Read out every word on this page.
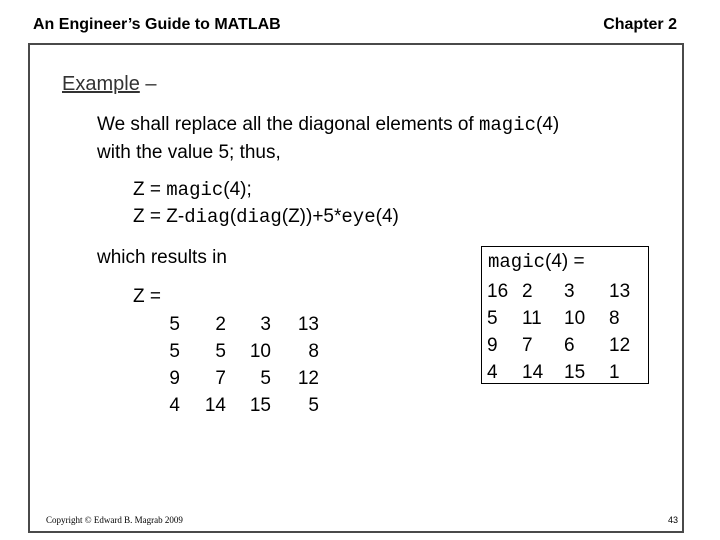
An Engineer’s Guide to MATLAB	Chapter 2
Example –
We shall replace all the diagonal elements of magic(4)
with the value 5; thus,
Z = magic(4);
Z = Z-diag(diag(Z))+5*eye(4)
which results in
Z =
5	2	3	13
5	5	10	8
9	7	5	12
4	14	15	5
magic(4) =
16	2	3	13
5	11	10	8
9	7	6	12
4	14	15	1
Copyright © Edward B. Magrab 2009	43
